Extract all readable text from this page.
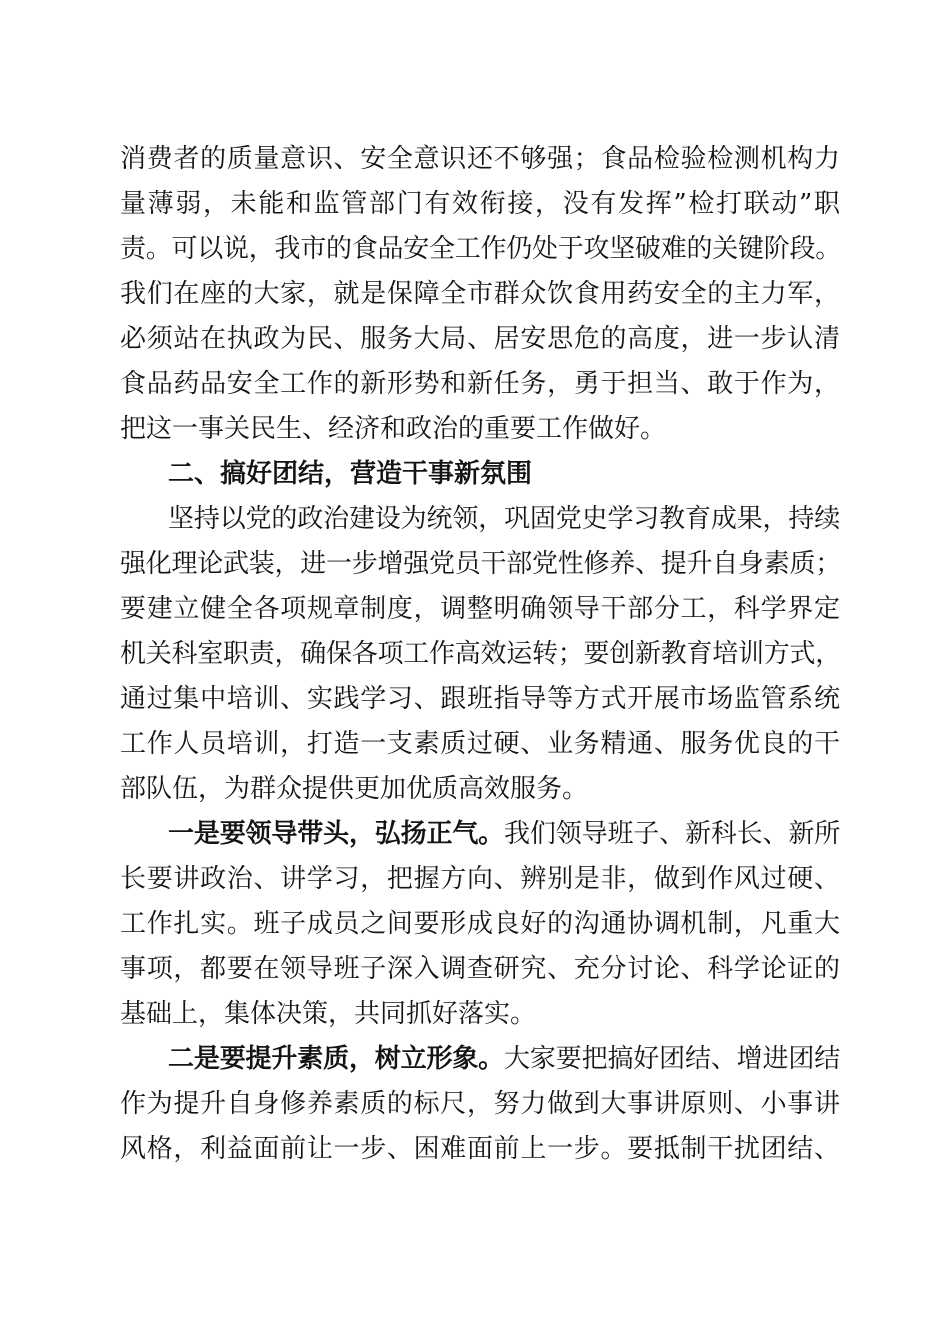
消费者的质量意识、安全意识还不够强；食品检验检测机构力
量薄弱，未能和监管部门有效衔接，没有发挥”检打联动”职
责。可以说，我市的食品安全工作仍处于攻坚破难的关键阶段。
我们在座的大家，就是保障全市群众饮食用药安全的主力军，
必须站在执政为民、服务大局、居安思危的高度，进一步认清
食品药品安全工作的新形势和新任务，勇于担当、敢于作为，
把这一事关民生、经济和政治的重要工作做好。
二、搞好团结，营造干事新氛围
坚持以党的政治建设为统领，巩固党史学习教育成果，持续
强化理论武装，进一步增强党员干部党性修养、提升自身素质；
要建立健全各项规章制度，调整明确领导干部分工，科学界定
机关科室职责，确保各项工作高效运转；要创新教育培训方式，
通过集中培训、实践学习、跟班指导等方式开展市场监管系统
工作人员培训，打造一支素质过硬、业务精通、服务优良的干
部队伍，为群众提供更加优质高效服务。
一是要领导带头，弘扬正气。我们领导班子、新科长、新所
长要讲政治、讲学习，把握方向、辨别是非，做到作风过硬、
工作扎实。班子成员之间要形成良好的沟通协调机制，凡重大
事项，都要在领导班子深入调查研究、充分讨论、科学论证的
基础上，集体决策，共同抓好落实。
二是要提升素质，树立形象。大家要把搞好团结、增进团结
作为提升自身修养素质的标尺，努力做到大事讲原则、小事讲
风格，利益面前让一步、困难面前上一步。要抵制干扰团结、
